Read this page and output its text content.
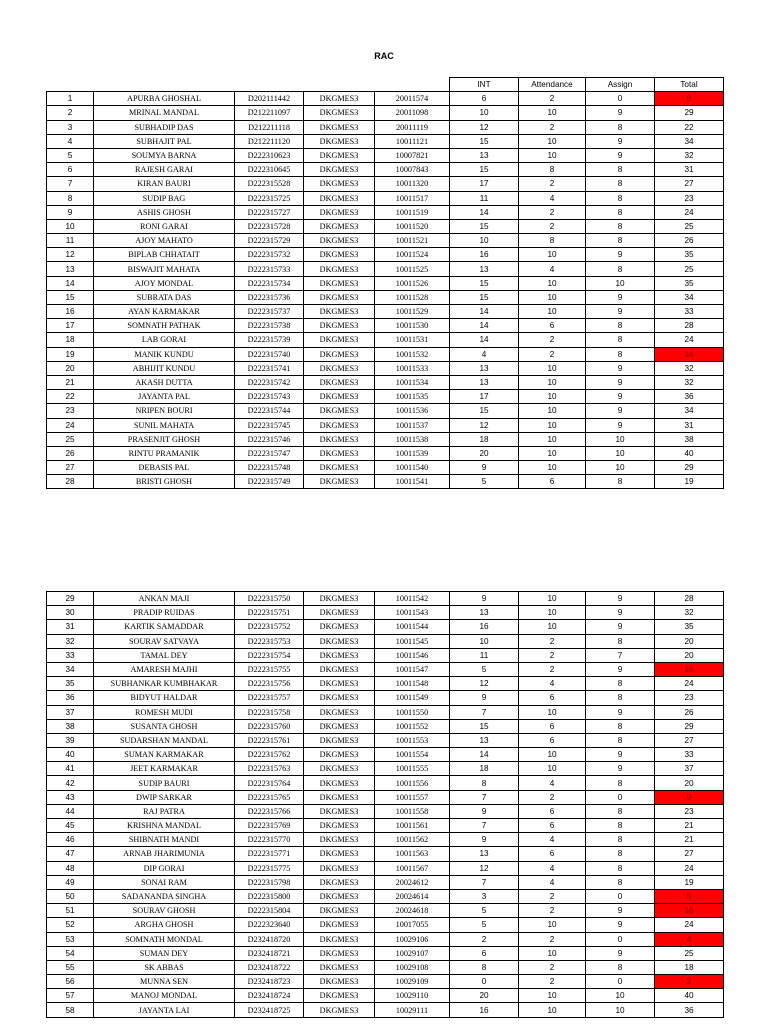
RAC
					INT	Attendance	Assign	Total
1	APURBA GHOSHAL	D202111442	DKGMES3	20011574	6	2	0	8
2	MRINAL MANDAL	D212211097	DKGMES3	20011098	10	10	9	29
3	SUBHADIP DAS	D212211118	DKGMES3	20011119	12	2	8	22
4	SUBHAJIT PAL	D212211120	DKGMES3	10011121	15	10	9	34
5	SOUMYA BARNA	D222310623	DKGMES3	10007821	13	10	9	32
6	RAJESH GARAI	D222310645	DKGMES3	10007843	15	8	8	31
7	KIRAN BAURI	D222315528	DKGMES3	10011320	17	2	8	27
8	SUDIP BAG	D222315725	DKGMES3	10011517	11	4	8	23
9	ASHIS GHOSH	D222315727	DKGMES3	10011519	14	2	8	24
10	RONI GARAI	D222315728	DKGMES3	10011520	15	2	8	25
11	AJOY MAHATO	D222315729	DKGMES3	10011521	10	8	8	26
12	BIPLAB CHHATAIT	D222315732	DKGMES3	10011524	16	10	9	35
13	BISWAJIT MAHATA	D222315733	DKGMES3	10011525	13	4	8	25
14	AJOY MONDAL	D222315734	DKGMES3	10011526	15	10	10	35
15	SUBRATA DAS	D222315736	DKGMES3	10011528	15	10	9	34
16	AYAN KARMAKAR	D222315737	DKGMES3	10011529	14	10	9	33
17	SOMNATH PATHAK	D222315738	DKGMES3	10011530	14	6	8	28
18	LAB GORAI	D222315739	DKGMES3	10011531	14	2	8	24
19	MANIK KUNDU	D222315740	DKGMES3	10011532	4	2	8	14
20	ABHIJIT KUNDU	D222315741	DKGMES3	10011533	13	10	9	32
21	AKASH DUTTA	D222315742	DKGMES3	10011534	13	10	9	32
22	JAYANTA PAL	D222315743	DKGMES3	10011535	17	10	9	36
23	NRIPEN BOURI	D222315744	DKGMES3	10011536	15	10	9	34
24	SUNIL MAHATA	D222315745	DKGMES3	10011537	12	10	9	31
25	PRASENJIT GHOSH	D222315746	DKGMES3	10011538	18	10	10	38
26	RINTU PRAMANIK	D222315747	DKGMES3	10011539	20	10	10	40
27	DEBASIS PAL	D222315748	DKGMES3	10011540	9	10	10	29
28	BRISTI GHOSH	D222315749	DKGMES3	10011541	5	6	8	19
29	ANKAN MAJI	D222315750	DKGMES3	10011542	9	10	9	28
30	PRADIP RUIDAS	D222315751	DKGMES3	10011543	13	10	9	32
31	KARTIK SAMADDAR	D222315752	DKGMES3	10011544	16	10	9	35
32	SOURAV SATVAYA	D222315753	DKGMES3	10011545	10	2	8	20
33	TAMAL DEY	D222315754	DKGMES3	10011546	11	2	7	20
34	AMARESH MAJHI	D222315755	DKGMES3	10011547	5	2	9	16
35	SUBHANKAR KUMBHAKAR	D222315756	DKGMES3	10011548	12	4	8	24
36	BIDYUT HALDAR	D222315757	DKGMES3	10011549	9	6	8	23
37	ROMESH MUDI	D222315758	DKGMES3	10011550	7	10	9	26
38	SUSANTA GHOSH	D222315760	DKGMES3	10011552	15	6	8	29
39	SUDARSHAN MANDAL	D222315761	DKGMES3	10011553	13	6	8	27
40	SUMAN KARMAKAR	D222315762	DKGMES3	10011554	14	10	9	33
41	JEET KARMAKAR	D222315763	DKGMES3	10011555	18	10	9	37
42	SUDIP BAURI	D222315764	DKGMES3	10011556	8	4	8	20
43	DWIP SARKAR	D222315765	DKGMES3	10011557	7	2	0	9
44	RAJ PATRA	D222315766	DKGMES3	10011558	9	6	8	23
45	KRISHNA MANDAL	D222315769	DKGMES3	10011561	7	6	8	21
46	SHIBNATH MANDI	D222315770	DKGMES3	10011562	9	4	8	21
47	ARNAB JHARIMUNIA	D222315771	DKGMES3	10011563	13	6	8	27
48	DIP GORAI	D222315775	DKGMES3	10011567	12	4	8	24
49	SONAI RAM	D222315798	DKGMES3	20024612	7	4	8	19
50	SADANANDA SINGHA	D222315800	DKGMES3	20024614	3	2	0	5
51	SOURAV GHOSH	D222315804	DKGMES3	20024618	5	2	9	16
52	ARGHA GHOSH	D222323640	DKGMES3	10017055	5	10	9	24
53	SOMNATH MONDAL	D232418720	DKGMES3	10029106	2	2	0	4
54	SUMAN DEY	D232418721	DKGMES3	10029107	6	10	9	25
55	SK ABBAS	D232418722	DKGMES3	10029108	8	2	8	18
56	MUNNA SEN	D232418723	DKGMES3	10029109	0	2	0	2
57	MANOJ MONDAL	D232418724	DKGMES3	10029110	20	10	10	40
58	JAYANTA LAI	D232418725	DKGMES3	10029111	16	10	10	36
